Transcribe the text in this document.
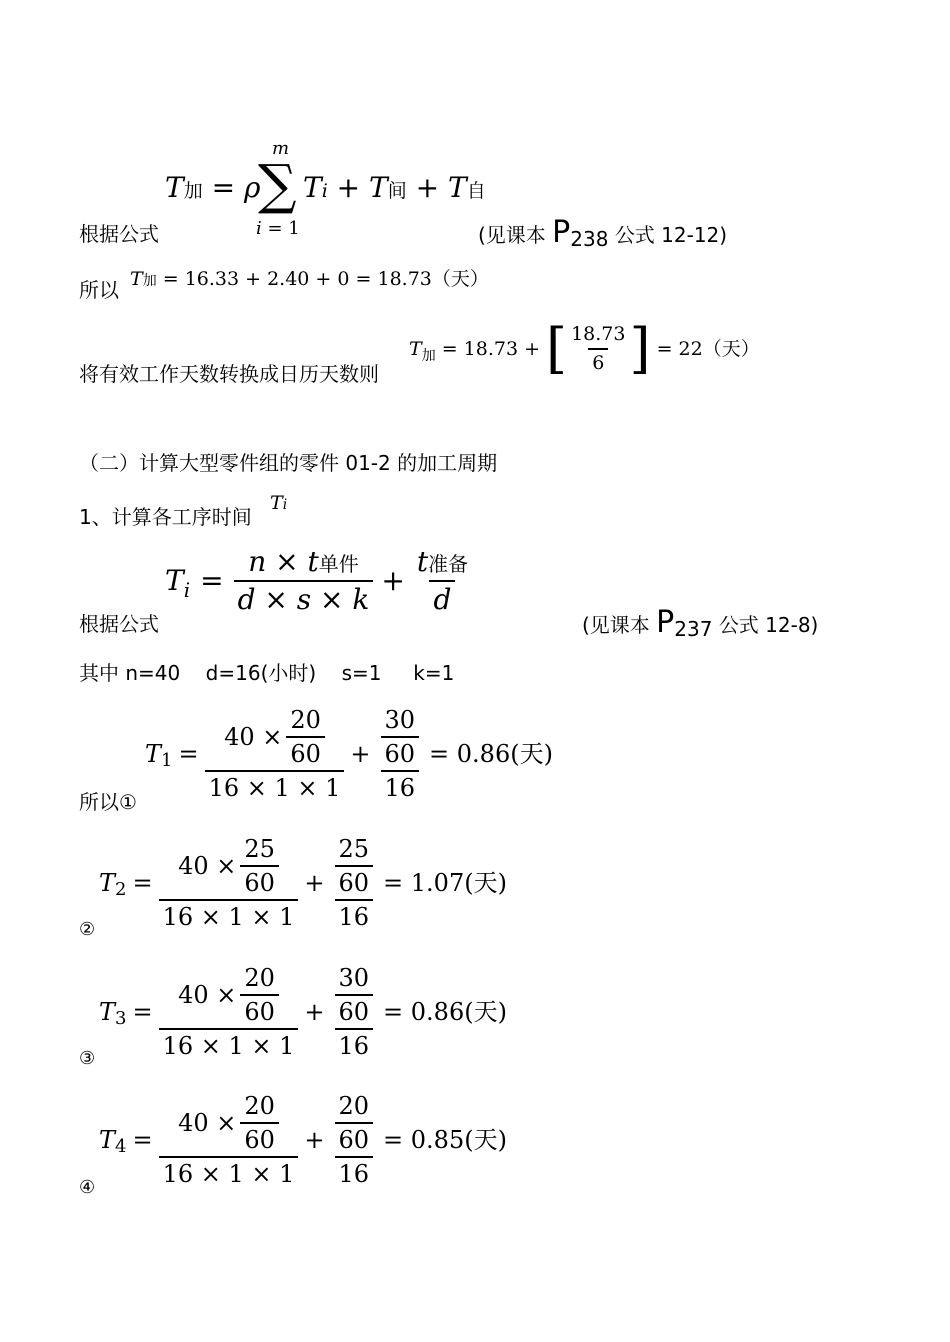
m
∑
i = 1
T加 = ρ Ti + T间 + T自
根据公式	(见课本 P238 公式 12-12)
所以 T加 = 16.33 + 2.40 + 0 = 18.73（天）
将有效工作天数转换成日历天数则
T 加 = 18.73 + [ $\frac{18.73}{6}$ ] = 22（天）
（二）计算大型零件组的零件 01-2 的加工周期
1、计算各工序时间
Ti
T $i = \frac{\text{n × t单件}}{d \times s \times k} + \frac{\text{t准备}}{d}$
根据公式	(见课本 P237 公式 12-8)
其中 n=40    d=16(小时)    s=1     k=1
所以①
T $1 = \frac{40 \times \frac{20}{60}}{16 \times 1 \times 1} + \frac{\frac{30}{60}}{16} = 0.86$(天)
②
T $2 = \frac{40 \times \frac{25}{60}}{16 \times 1 \times 1} + \frac{\frac{25}{60}}{16} = 1.07$(天)
③
T $3 = \frac{40 \times \frac{20}{60}}{16 \times 1 \times 1} + \frac{\frac{30}{60}}{16} = 0.86$(天)
④
T $4 = \frac{40 \times \frac{20}{60}}{16 \times 1 \times 1} + \frac{\frac{20}{60}}{16} = 0.85$(天)
